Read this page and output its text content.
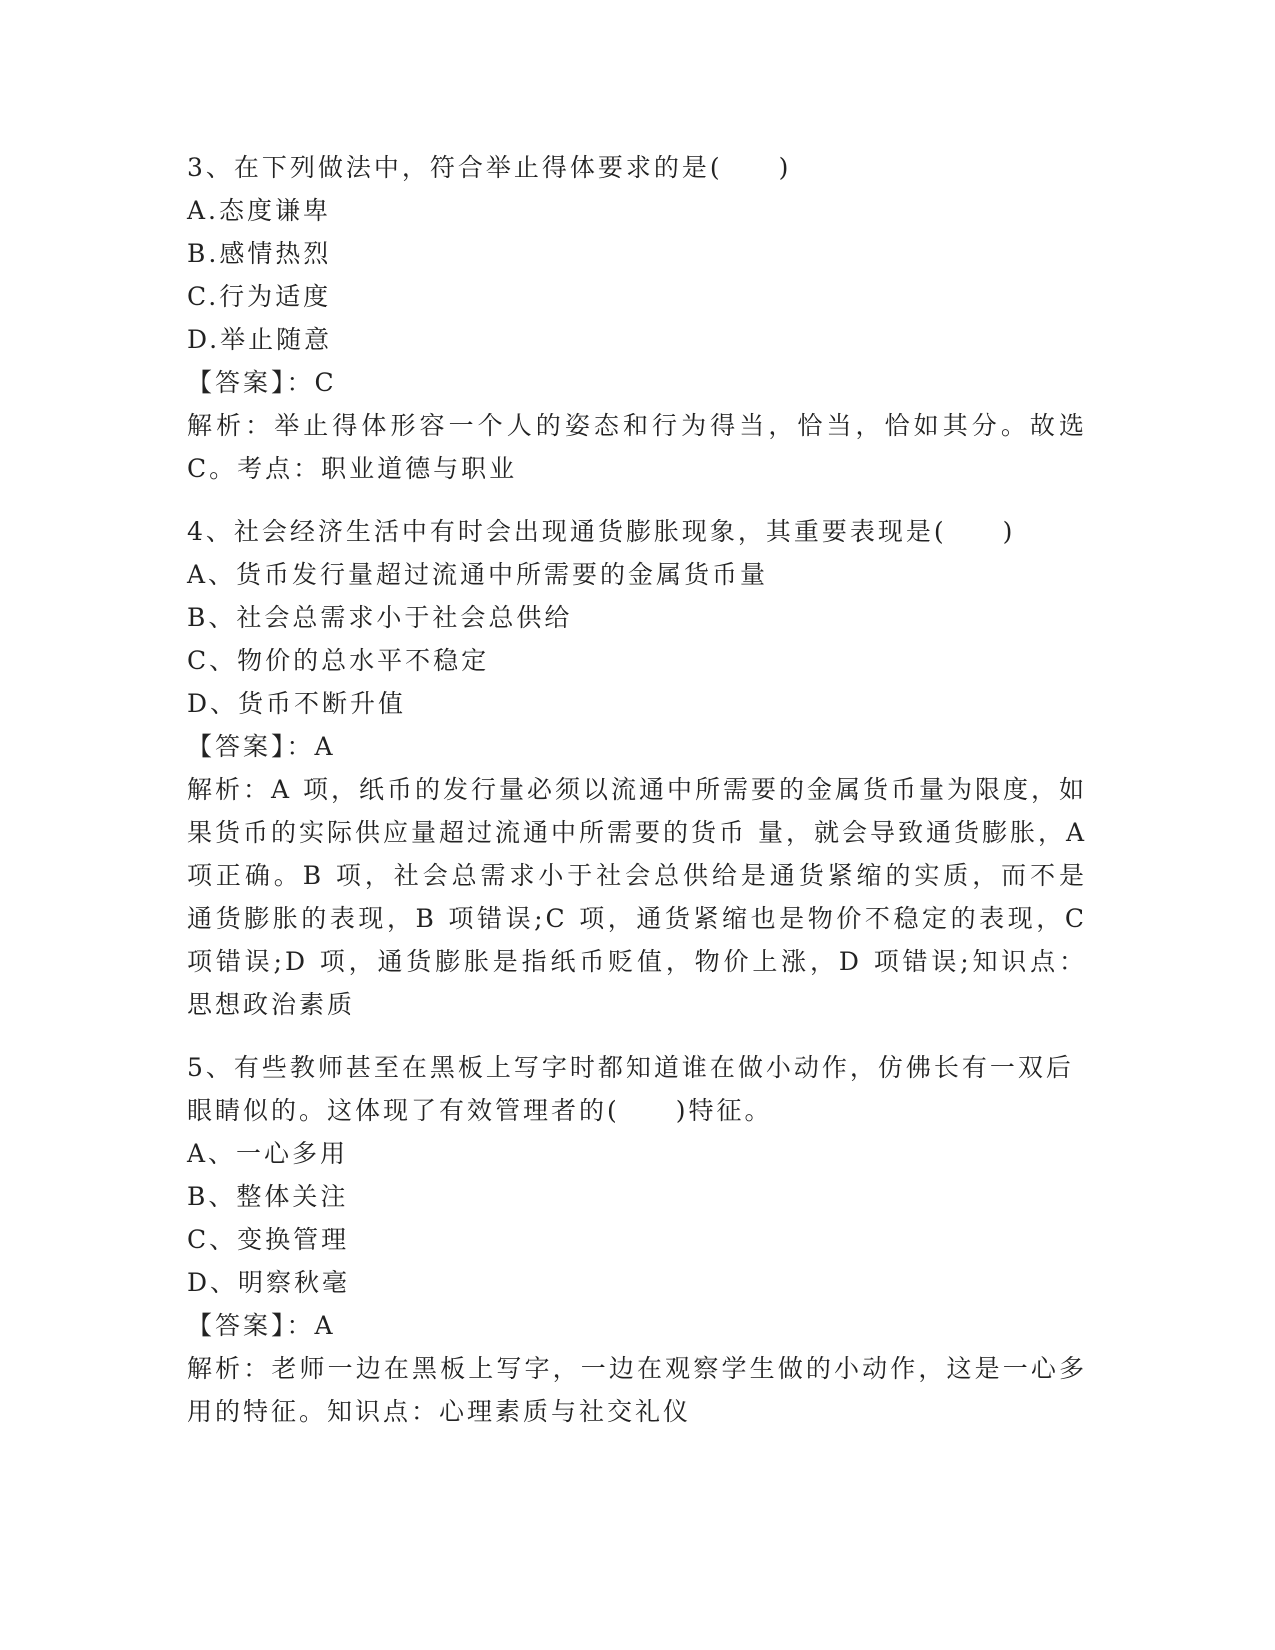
3、在下列做法中，符合举止得体要求的是(　　)
A.态度谦卑
B.感情热烈
C.行为适度
D.举止随意
【答案】：C
解析：举止得体形容一个人的姿态和行为得当，恰当，恰如其分。故选 C。考点：职业道德与职业
4、社会经济生活中有时会出现通货膨胀现象，其重要表现是(　　)
A、货币发行量超过流通中所需要的金属货币量
B、社会总需求小于社会总供给
C、物价的总水平不稳定
D、货币不断升值
【答案】：A
解析：A 项，纸币的发行量必须以流通中所需要的金属货币量为限度，如果货币的实际供应量超过流通中所需要的货币 量，就会导致通货膨胀，A 项正确。B 项，社会总需求小于社会总供给是通货紧缩的实质，而不是通货膨胀的表现，B 项错误;C 项，通货紧缩也是物价不稳定的表现，C 项错误;D 项，通货膨胀是指纸币贬值，物价上涨，D 项错误;知识点：思想政治素质
5、有些教师甚至在黑板上写字时都知道谁在做小动作，仿佛长有一双后眼睛似的。这体现了有效管理者的(　　)特征。
A、一心多用
B、整体关注
C、变换管理
D、明察秋毫
【答案】：A
解析：老师一边在黑板上写字，一边在观察学生做的小动作，这是一心多用的特征。知识点：心理素质与社交礼仪
